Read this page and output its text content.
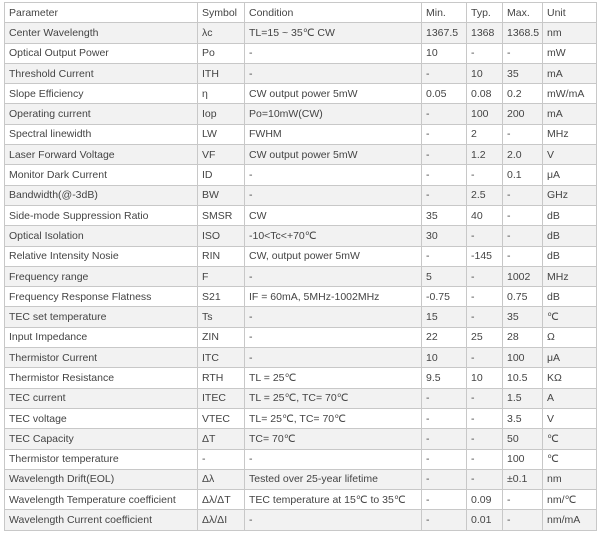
Parameter	Symbol	Condition	Min.	Typ.	Max.	Unit
Center Wavelength	λc	TL=15 ~ 35℃ CW	1367.5	1368	1368.5	nm
Optical Output Power	Po	-	10	-	-	mW
Threshold Current	ITH	-	-	10	35	mA
Slope Efficiency	η	CW output power 5mW	0.05	0.08	0.2	mW/mA
Operating current	Iop	Po=10mW(CW)	-	100	200	mA
Spectral linewidth	LW	FWHM	-	2	-	MHz
Laser Forward Voltage	VF	CW output power 5mW	-	1.2	2.0	V
Monitor Dark Current	ID	-	-	-	0.1	μA
Bandwidth(@-3dB)	BW	-	-	2.5	-	GHz
Side-mode Suppression Ratio	SMSR	CW	35	40	-	dB
Optical Isolation	ISO	-10<Tc<+70℃	30	-	-	dB
Relative Intensity Nosie	RIN	CW, output power 5mW	-	-145	-	dB
Frequency range	F	-	5	-	1002	MHz
Frequency Response Flatness	S21	IF = 60mA, 5MHz-1002MHz	-0.75	-	0.75	dB
TEC set temperature	Ts	-	15	-	35	℃
Input Impedance	ZIN	-	22	25	28	Ω
Thermistor Current	ITC	-	10	-	100	μA
Thermistor Resistance	RTH	TL = 25℃	9.5	10	10.5	KΩ
TEC current	ITEC	TL = 25℃, TC= 70℃	-	-	1.5	A
TEC voltage	VTEC	TL= 25℃, TC= 70℃	-	-	3.5	V
TEC Capacity	ΔT	TC= 70℃	-	-	50	℃
Thermistor temperature	-	-	-	-	100	℃
Wavelength Drift(EOL)	Δλ	Tested over 25-year lifetime	-	-	±0.1	nm
Wavelength Temperature coefficient	Δλ/ΔT	TEC temperature at 15℃ to 35℃	-	0.09	-	nm/℃
Wavelength Current coefficient	Δλ/ΔI	-	-	0.01	-	nm/mA
